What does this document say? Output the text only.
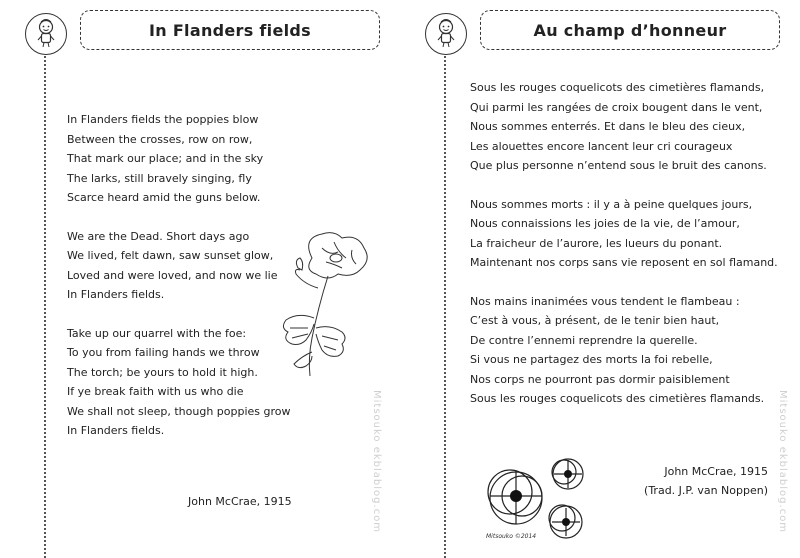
In Flanders fields
In Flanders fields the poppies blow
Between the crosses, row on row,
That mark our place; and in the sky
The larks, still bravely singing, fly
Scarce heard amid the guns below.
We are the Dead. Short days ago
We lived, felt dawn, saw sunset glow,
Loved and were loved, and now we lie
In Flanders fields.
Take up our quarrel with the foe:
To you from failing hands we throw
The torch; be yours to hold it high.
If ye break faith with us who die
We shall not sleep, though poppies grow
In Flanders fields.
John McCrae, 1915	Mitsouko ekblablog.com
Au champ d’honneur
Sous les rouges coquelicots des cimetières flamands,
Qui parmi les rangées de croix bougent dans le vent,
Nous sommes enterrés. Et dans le bleu des cieux,
Les alouettes encore lancent leur cri courageux
Que plus personne n’entend sous le bruit des canons.
Nous sommes morts : il y a à peine quelques jours,
Nous connaissions les joies de la vie, de l’amour,
La fraicheur de l’aurore, les lueurs du ponant.
Maintenant nos corps sans vie reposent en sol flamand.
Nos mains inanimées vous tendent le flambeau :
C’est à vous, à présent, de le tenir bien haut,
De contre l’ennemi reprendre la querelle.
Si vous ne partagez des morts la foi rebelle,
Nos corps ne pourront pas dormir paisiblement
Sous les rouges coquelicots des cimetières flamands.
John McCrae, 1915
(Trad. J.P. van Noppen) Mitsouko ekblablog.com
Mitsouko ©2014
